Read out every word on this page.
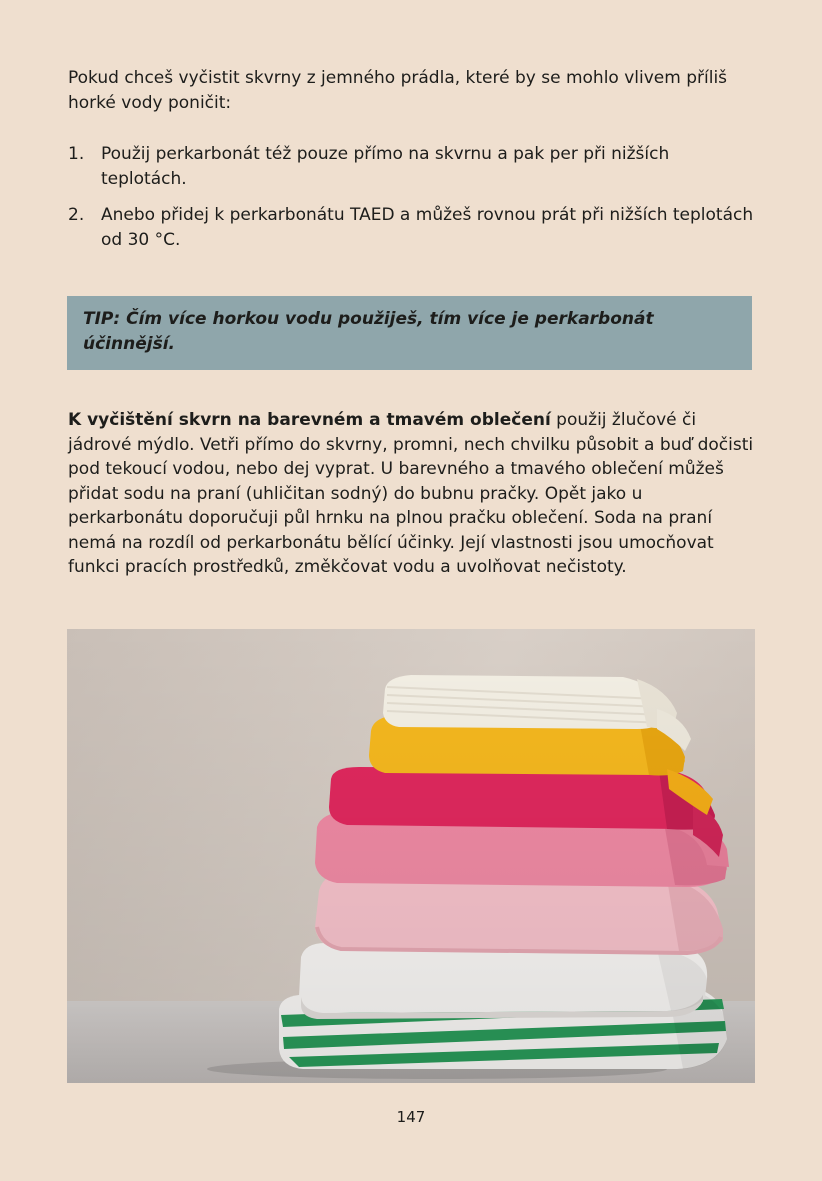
Pokud chceš vyčistit skvrny z jemného prádla, které by se mohlo vlivem příliš horké vody poničit:

1. Použij perkarbonát též pouze přímo na skvrnu a pak per při nižších teplotách.
2. Anebo přidej k perkarbonátu TAED a můžeš rovnou prát při nižších teplotách od 30 °C.
TIP: Čím více horkou vodu použiješ, tím více je perkarbonát účinnější.

K vyčištění skvrn na barevném a tmavém oblečení použij žlučové či jádrové mýdlo. Vetři přímo do skvrny, promni, nech chvilku působit a buď dočisti pod tekoucí vodou, nebo dej vyprat. U barevného a tmavého oblečení můžeš přidat sodu na praní (uhličitan sodný) do bubnu pračky. Opět jako u perkarbonátu doporučuji půl hrnku na plnou pračku oblečení. Soda na praní nemá na rozdíl od perkarbonátu bělící účinky. Její vlastnosti jsou umocňovat funkci pracích prostředků, změkčovat vodu a uvolňovat nečistoty.

147
